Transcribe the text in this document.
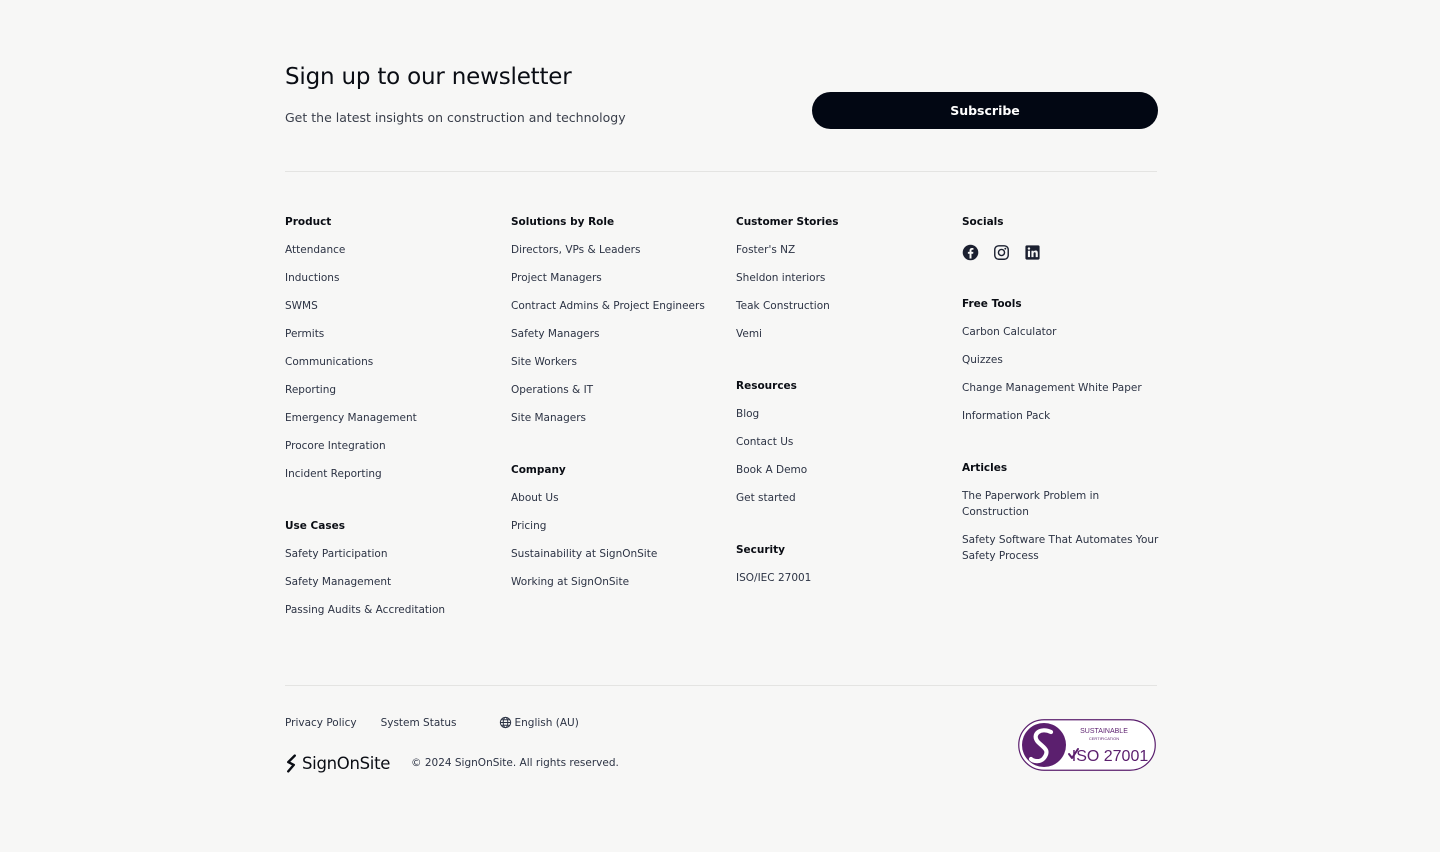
Sign up to our newsletter

Get the latest insights on construction and technology	Subscribe
Product
Attendance
Inductions
SWMS
Permits
Communications
Reporting
Emergency Management
Procore Integration
Incident Reporting
Use Cases
Safety Participation
Safety Management
Passing Audits & Accreditation
Solutions by Role
Directors, VPs & Leaders
Project Managers
Contract Admins & Project Engineers
Safety Managers
Site Workers
Operations & IT
Site Managers
Company
About Us
Pricing
Sustainability at SignOnSite
Working at SignOnSite
Customer Stories
Foster's NZ
Sheldon interiors
Teak Construction
Vemi
Resources
Blog
Contact Us
Book A Demo
Get started
Security
ISO/IEC 27001
Socials
Free Tools
Carbon Calculator
Quizzes
Change Management White Paper
Information Pack
Articles
The Paperwork Problem in Construction
Safety Software That Automates Your Safety Process
Privacy Policy System Status	English (AU)
SignOnSite © 2024 SignOnSite. All rights reserved.

SUSTAINABLE
CERTIFICATION
ISO 27001
